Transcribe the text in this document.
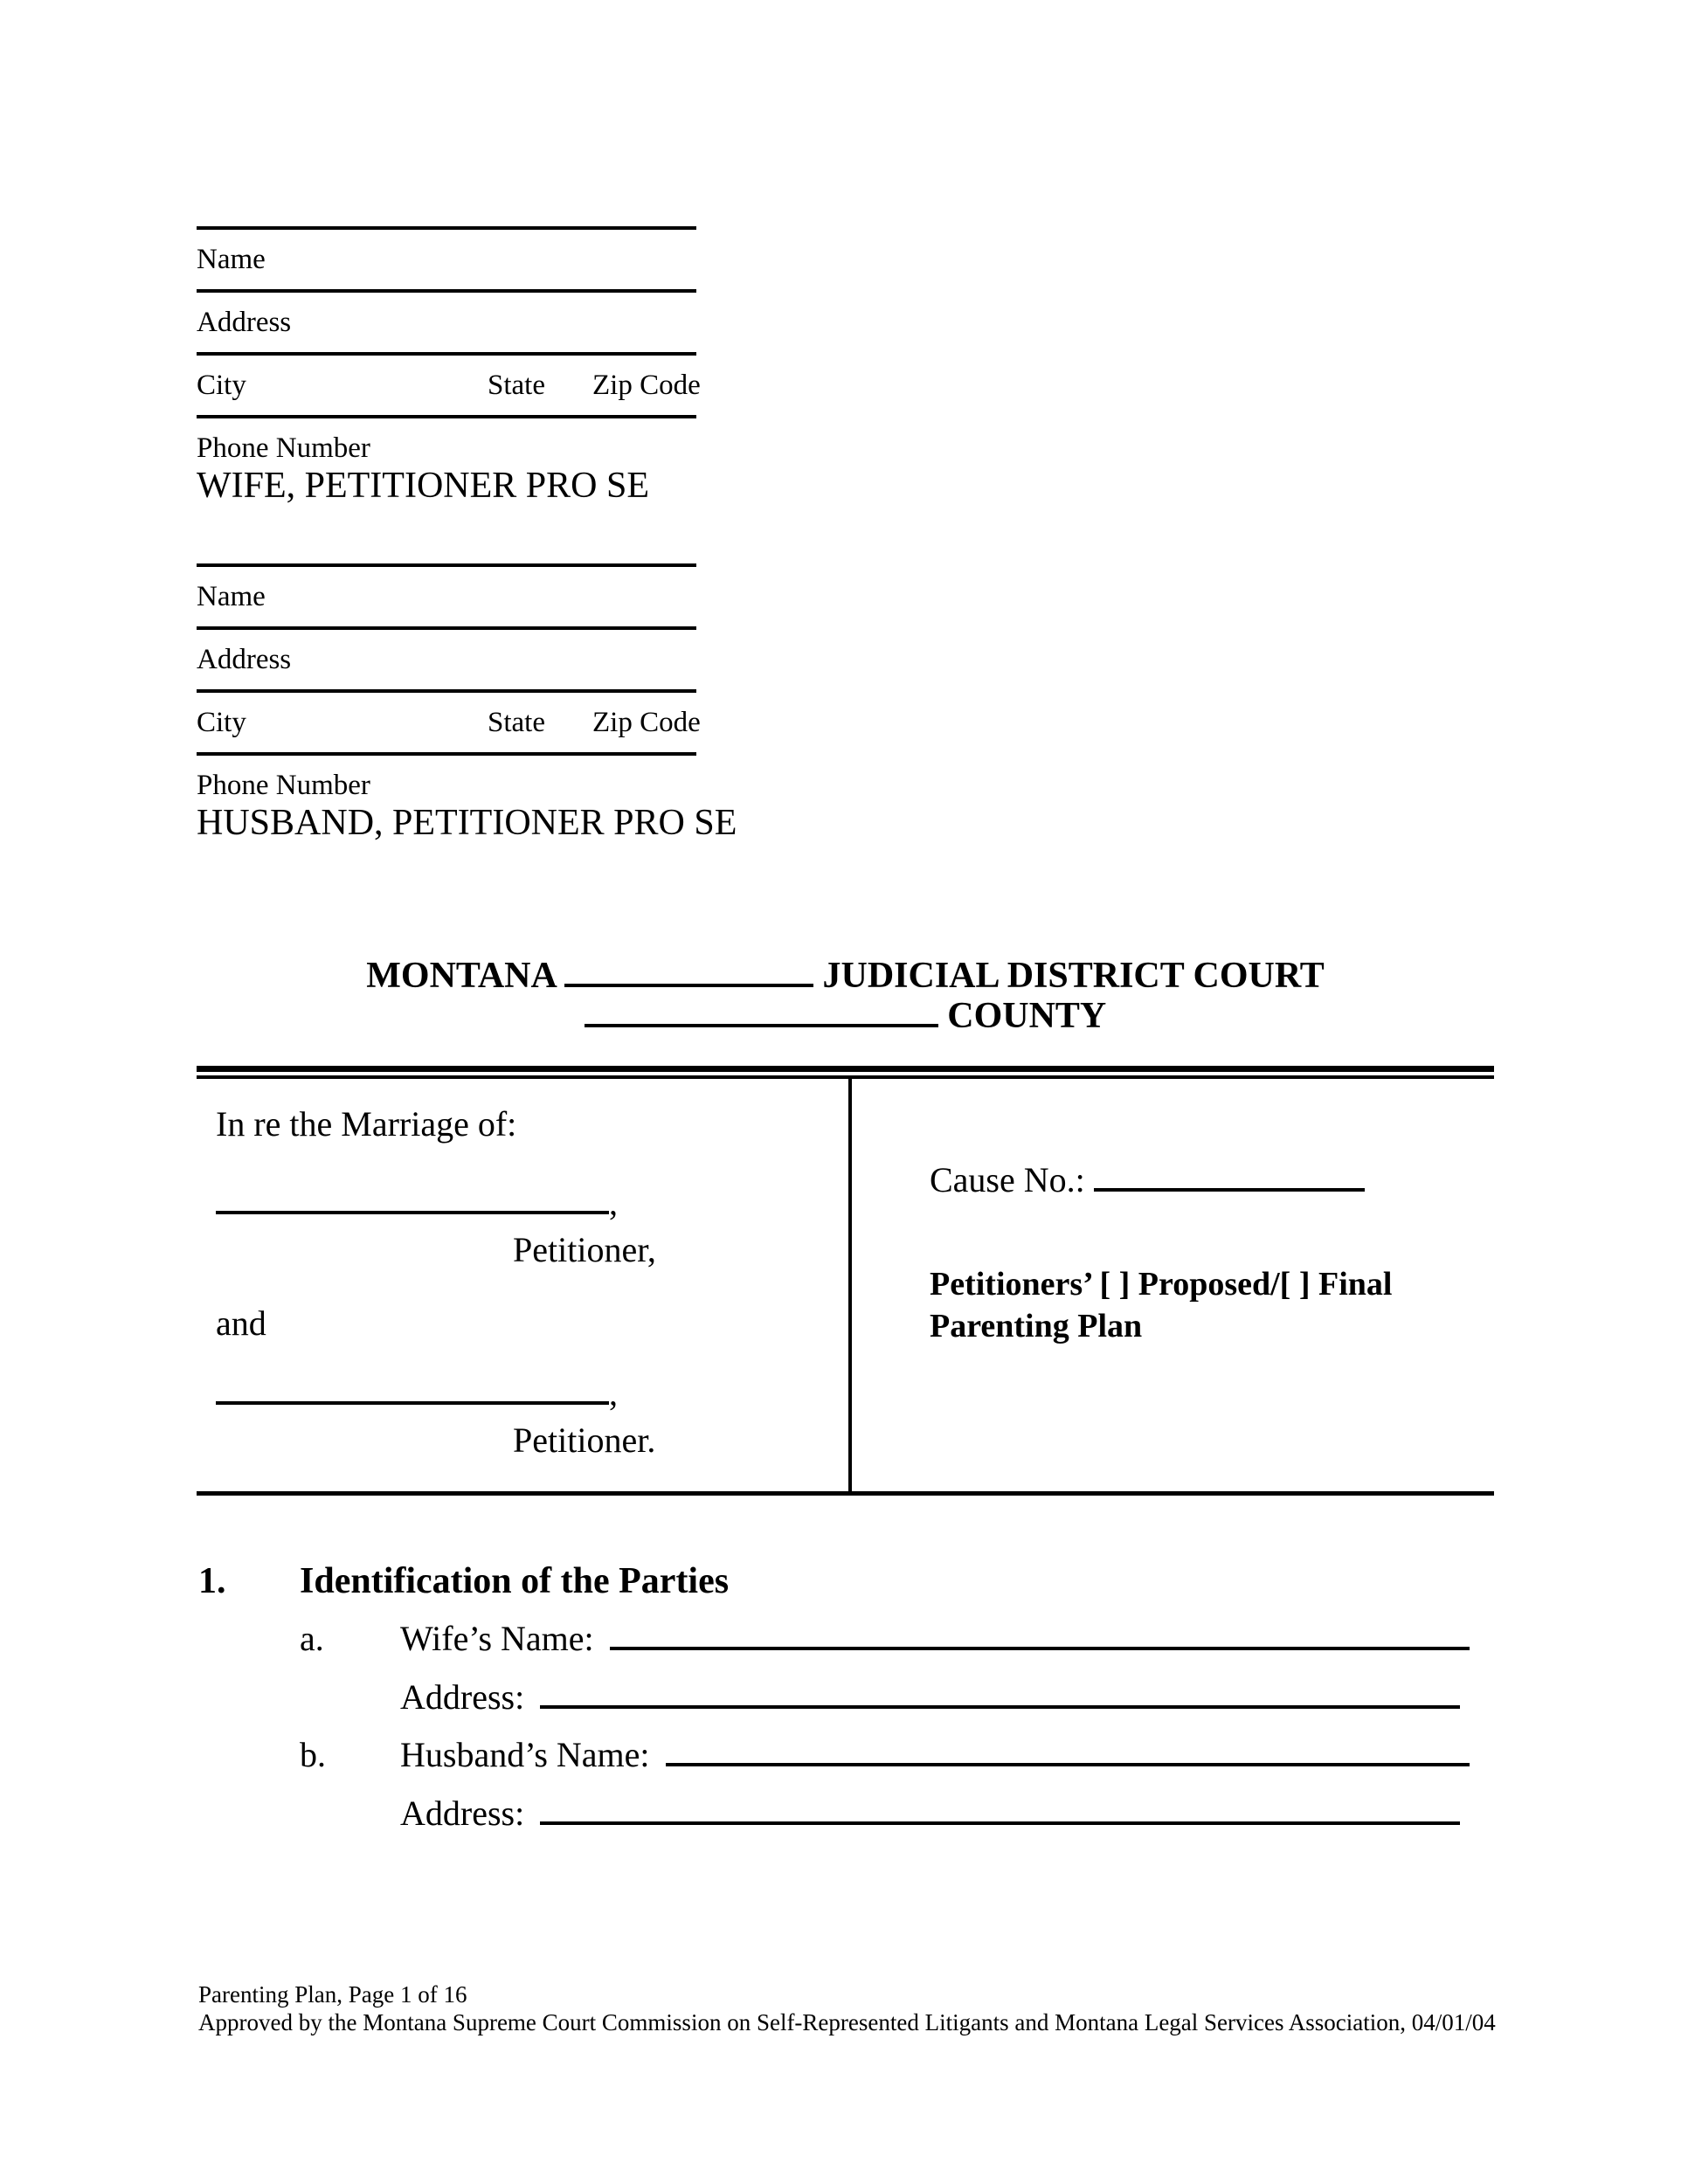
Name
Address
City	State Zip Code
Phone Number
WIFE, PETITIONER PRO SE
Name
Address
City	State Zip Code
Phone Number
HUSBAND, PETITIONER PRO SE
MONTANA	JUDICIAL DISTRICT COURT
COUNTY
In re the Marriage of:
,
Petitioner,
and
,
Petitioner.
Cause No.:
Petitioners’ [ ] Proposed/[ ] Final
Parenting Plan
1. Identification of the Parties
a.	Wife’s Name:
Address:
b.	Husband’s Name:
Address:
Parenting Plan, Page 1 of 16
Approved by the Montana Supreme Court Commission on Self-Represented Litigants and Montana Legal Services Association, 04/01/04
